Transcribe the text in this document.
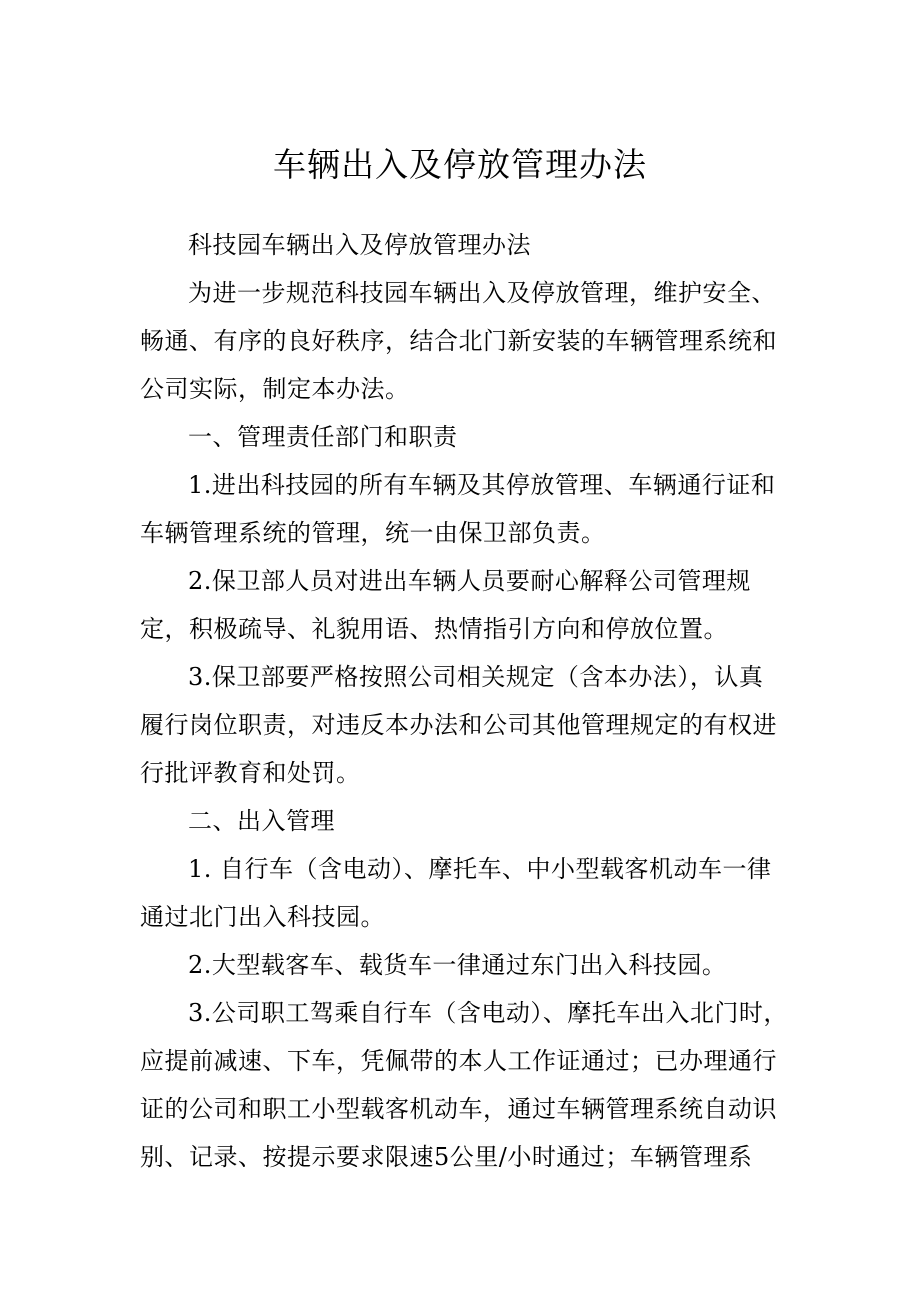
车辆出入及停放管理办法
科技园车辆出入及停放管理办法
为进一步规范科技园车辆出入及停放管理，维护安全、
畅通、有序的良好秩序，结合北门新安装的车辆管理系统和
公司实际，制定本办法。
一、管理责任部门和职责
1.进出科技园的所有车辆及其停放管理、车辆通行证和
车辆管理系统的管理，统一由保卫部负责。
2.保卫部人员对进出车辆人员要耐心解释公司管理规
定，积极疏导、礼貌用语、热情指引方向和停放位置。
3.保卫部要严格按照公司相关规定（含本办法），认真
履行岗位职责，对违反本办法和公司其他管理规定的有权进
行批评教育和处罚。
二、出入管理
1. 自行车（含电动）、摩托车、中小型载客机动车一律
通过北门出入科技园。
2.大型载客车、载货车一律通过东门出入科技园。
3.公司职工驾乘自行车（含电动）、摩托车出入北门时，
应提前减速、下车，凭佩带的本人工作证通过；已办理通行
证的公司和职工小型载客机动车，通过车辆管理系统自动识
别、记录、按提示要求限速5公里/小时通过；车辆管理系
